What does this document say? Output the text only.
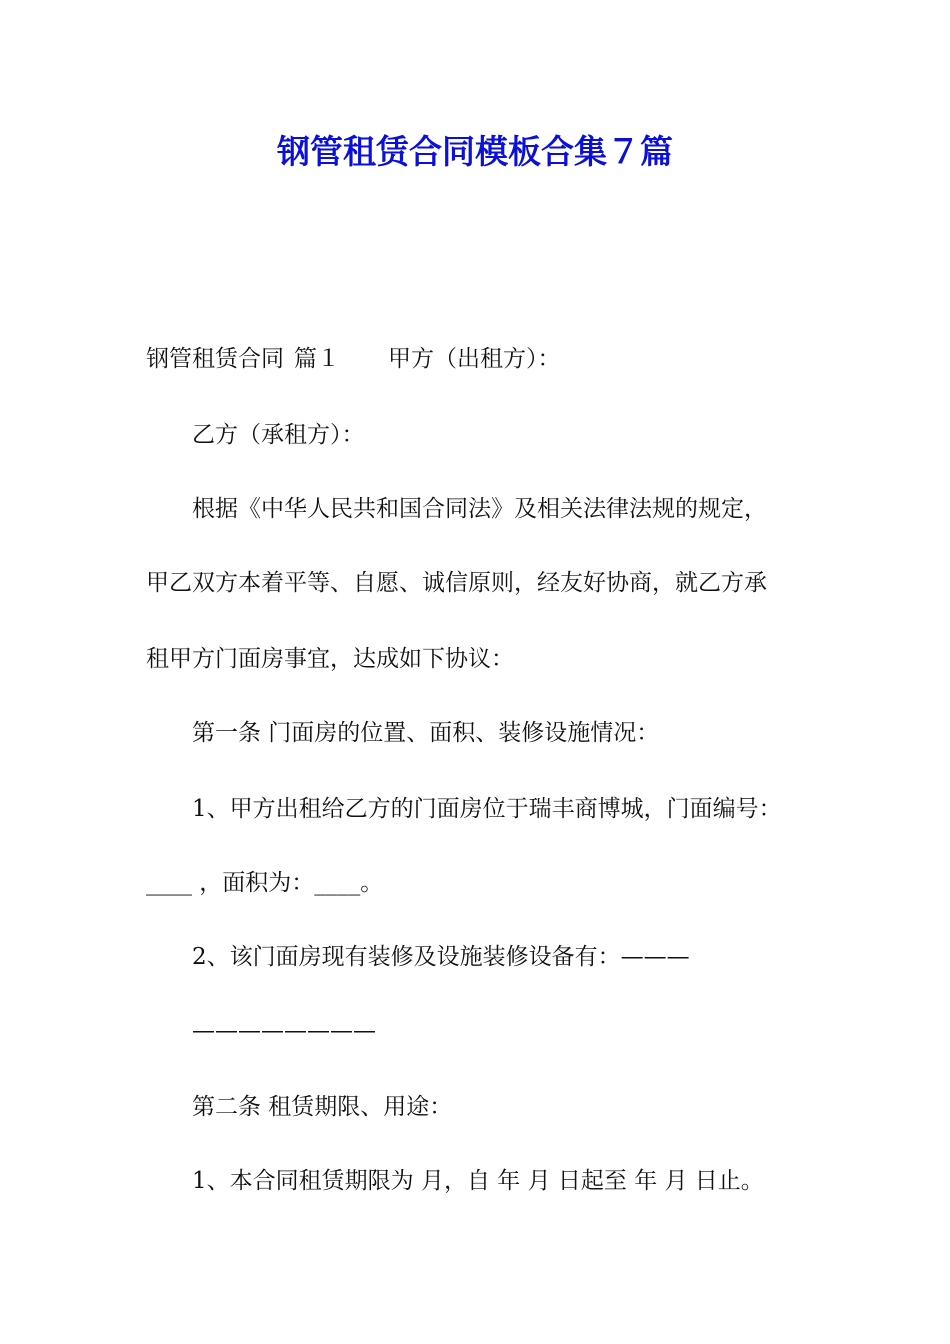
钢管租赁合同模板合集７篇

钢管租赁合同 篇１ 甲方（出租方）：

乙方（承租方）：

根据《中华人民共和国合同法》及相关法律法规的规定，

甲乙双方本着平等、自愿、诚信原则，经友好协商，就乙方承

租甲方门面房事宜，达成如下协议：

第一条 门面房的位置、面积、装修设施情况：

1、甲方出租给乙方的门面房位于瑞丰商博城，门面编号：

____ ，面积为：____。

2、该门面房现有装修及设施装修设备有：———

————————

第二条 租赁期限、用途：

1、本合同租赁期限为 月，自 年 月 日起至 年 月 日止。
